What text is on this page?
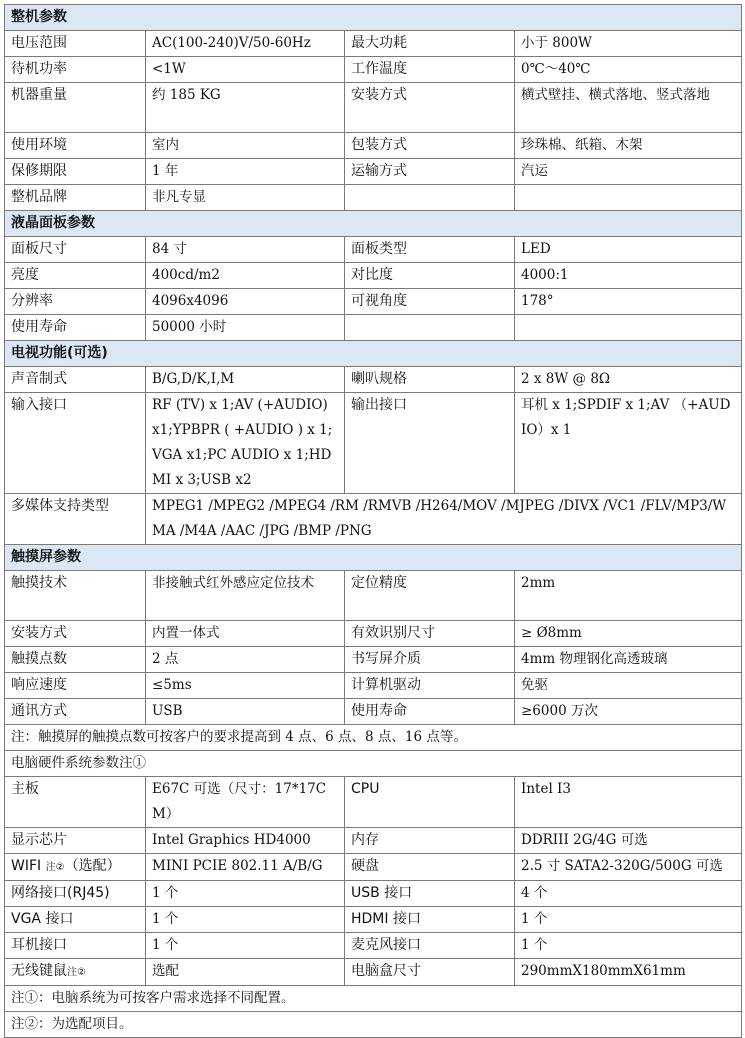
整机参数			
电压范围	AC(100-240)V/50-60Hz	最大功耗	小于 800W
待机功率	<1W	工作温度	0℃～40℃
机器重量	约 185 KG	安装方式	横式壁挂、横式落地、竖式落地
使用环境	室内	包装方式	珍珠棉、纸箱、木架
保修期限	1 年	运输方式	汽运
整机品牌	非凡专显		
液晶面板参数			
面板尺寸	84 寸	面板类型	LED
亮度	400cd/m2	对比度	4000:1
分辨率	4096x4096	可视角度	178°
使用寿命	50000 小时		
电视功能(可选)			
声音制式	B/G,D/K,I,M	喇叭规格	2 x 8W @ 8Ω
输入接口	RF (TV) x 1;AV (+AUDIO) x1;YPBPR ( +AUDIO ) x 1;VGA x1;PC AUDIO x 1;HDMI x 3;USB x2	输出接口	耳机 x 1;SPDIF x 1;AV （+AUDIO）x 1
多媒体支持类型	MPEG1 /MPEG2 /MPEG4 /RM /RMVB /H264/MOV /MJPEG /DIVX /VC1 /FLV/MP3/WMA /M4A /AAC /JPG /BMP /PNG		
触摸屏参数			
触摸技术	非接触式红外感应定位技术	定位精度	2mm
安装方式	内置一体式	有效识别尺寸	≥ Ø8mm
触摸点数	2 点	书写屏介质	4mm 物理钢化高透玻璃
响应速度	≤5ms	计算机驱动	免驱
通讯方式	USB	使用寿命	≥6000 万次
注：触摸屏的触摸点数可按客户的要求提高到 4 点、6 点、8 点、16 点等。			
电脑硬件系统参数注①			
主板	E67C 可选（尺寸：17*17CM）	CPU	Intel I3
显示芯片	Intel Graphics HD4000	内存	DDRIII 2G/4G 可选
WIFI 注②（选配）	MINI PCIE 802.11 A/B/G	硬盘	2.5 寸 SATA2-320G/500G 可选
网络接口(RJ45)	1 个	USB 接口	4 个
VGA 接口	1 个	HDMI 接口	1 个
耳机接口	1 个	麦克风接口	1 个
无线键鼠注②	选配	电脑盒尺寸	290mmX180mmX61mm
注①：电脑系统为可按客户需求选择不同配置。			
注②：为选配项目。			
